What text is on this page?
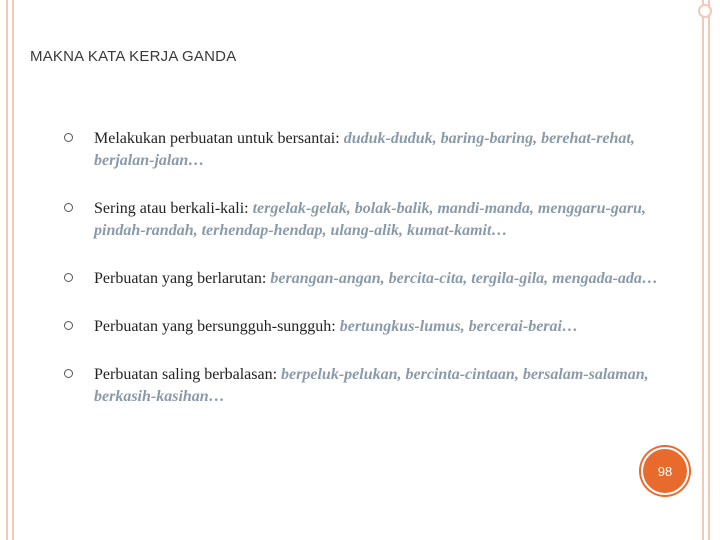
MAKNA KATA KERJA GANDA
Melakukan perbuatan untuk bersantai: duduk-duduk, baring-baring, berehat-rehat, berjalan-jalan…
Sering atau berkali-kali: tergelak-gelak, bolak-balik, mandi-manda, menggaru-garu, pindah-randah, terhendap-hendap, ulang-alik, kumat-kamit…
Perbuatan yang berlarutan: berangan-angan, bercita-cita, tergila-gila, mengada-ada…
Perbuatan yang bersungguh-sungguh: bertungkus-lumus, bercerai-berai…
Perbuatan saling berbalasan: berpeluk-pelukan, bercinta-cintaan, bersalam-salaman, berkasih-kasihan…
98
